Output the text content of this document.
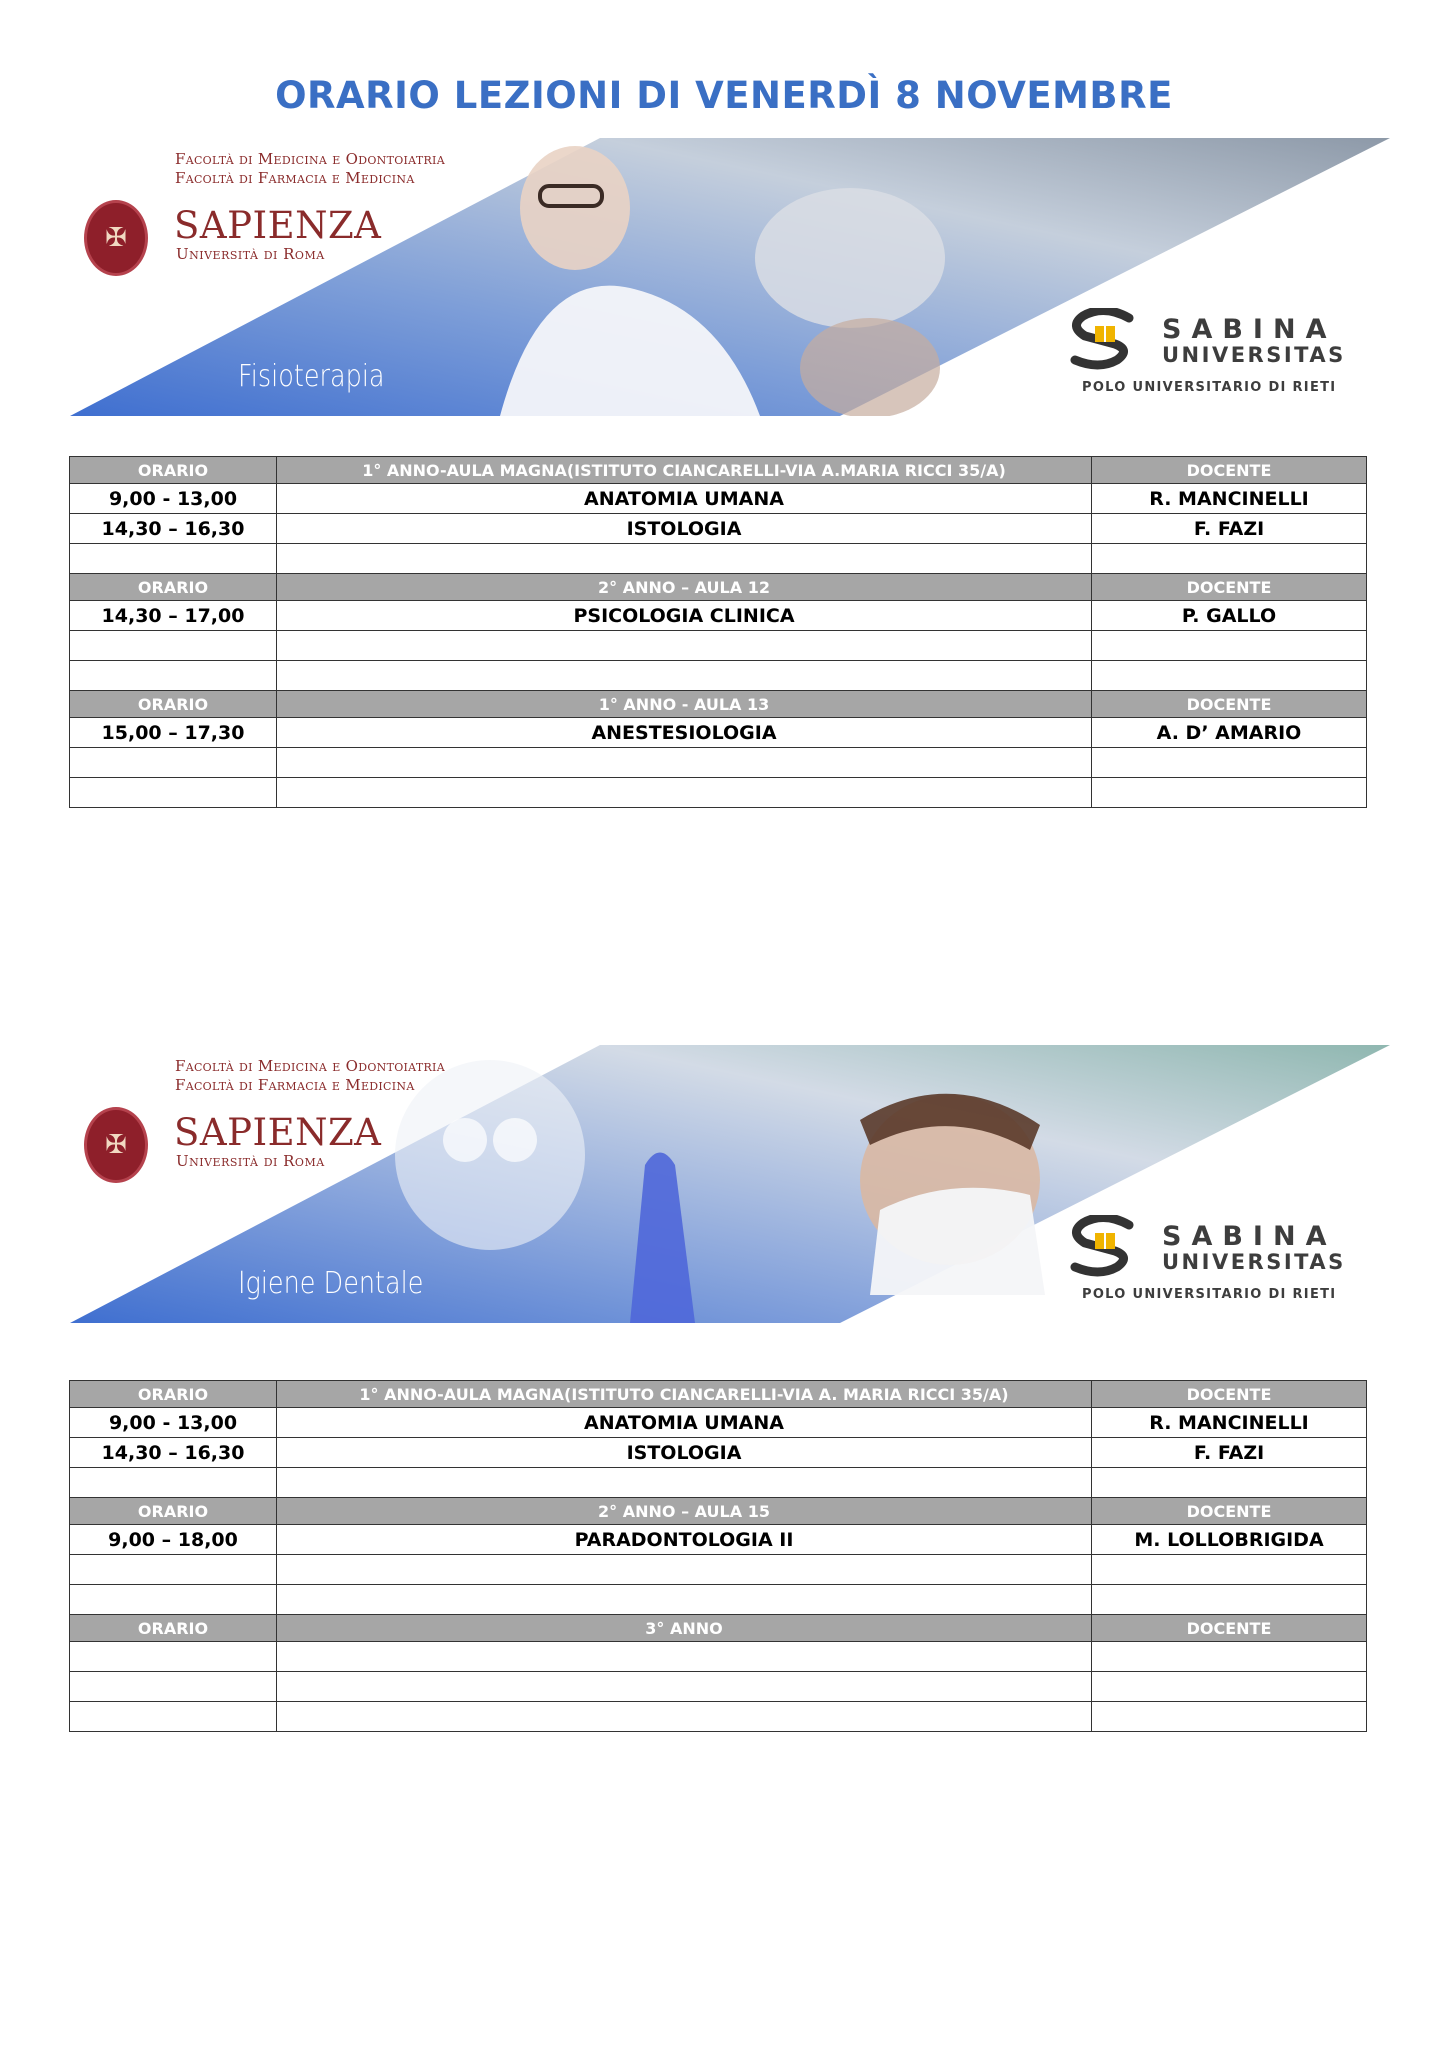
ORARIO LEZIONI DI VENERDÌ 8 NOVEMBRE
Facoltà di Medicina e Odontoiatria
Facoltà di Farmacia e Medicina
✠	SAPIENZA
Università di Roma
Fisioterapia
SABINA
UNIVERSITAS
POLO UNIVERSITARIO DI RIETI
ORARIO	1° ANNO-AULA MAGNA(ISTITUTO CIANCARELLI-VIA A.MARIA RICCI 35/A)	DOCENTE
9,00 - 13,00	ANATOMIA UMANA	R. MANCINELLI
14,30 – 16,30	ISTOLOGIA	F. FAZI

ORARIO	2° ANNO – AULA 12	DOCENTE
14,30 – 17,00	PSICOLOGIA CLINICA	P. GALLO

ORARIO	1° ANNO - AULA 13	DOCENTE
15,00 – 17,30	ANESTESIOLOGIA	A. D’ AMARIO

Facoltà di Medicina e Odontoiatria
Facoltà di Farmacia e Medicina
✠	SAPIENZA
Università di Roma
Igiene Dentale
SABINA
UNIVERSITAS
POLO UNIVERSITARIO DI RIETI
ORARIO	1° ANNO-AULA MAGNA(ISTITUTO CIANCARELLI-VIA A. MARIA RICCI 35/A)	DOCENTE
9,00 - 13,00	ANATOMIA UMANA	R. MANCINELLI
14,30 – 16,30	ISTOLOGIA	F. FAZI

ORARIO	2° ANNO – AULA 15	DOCENTE
9,00 – 18,00	PARADONTOLOGIA II	M. LOLLOBRIGIDA

ORARIO	3° ANNO	DOCENTE
